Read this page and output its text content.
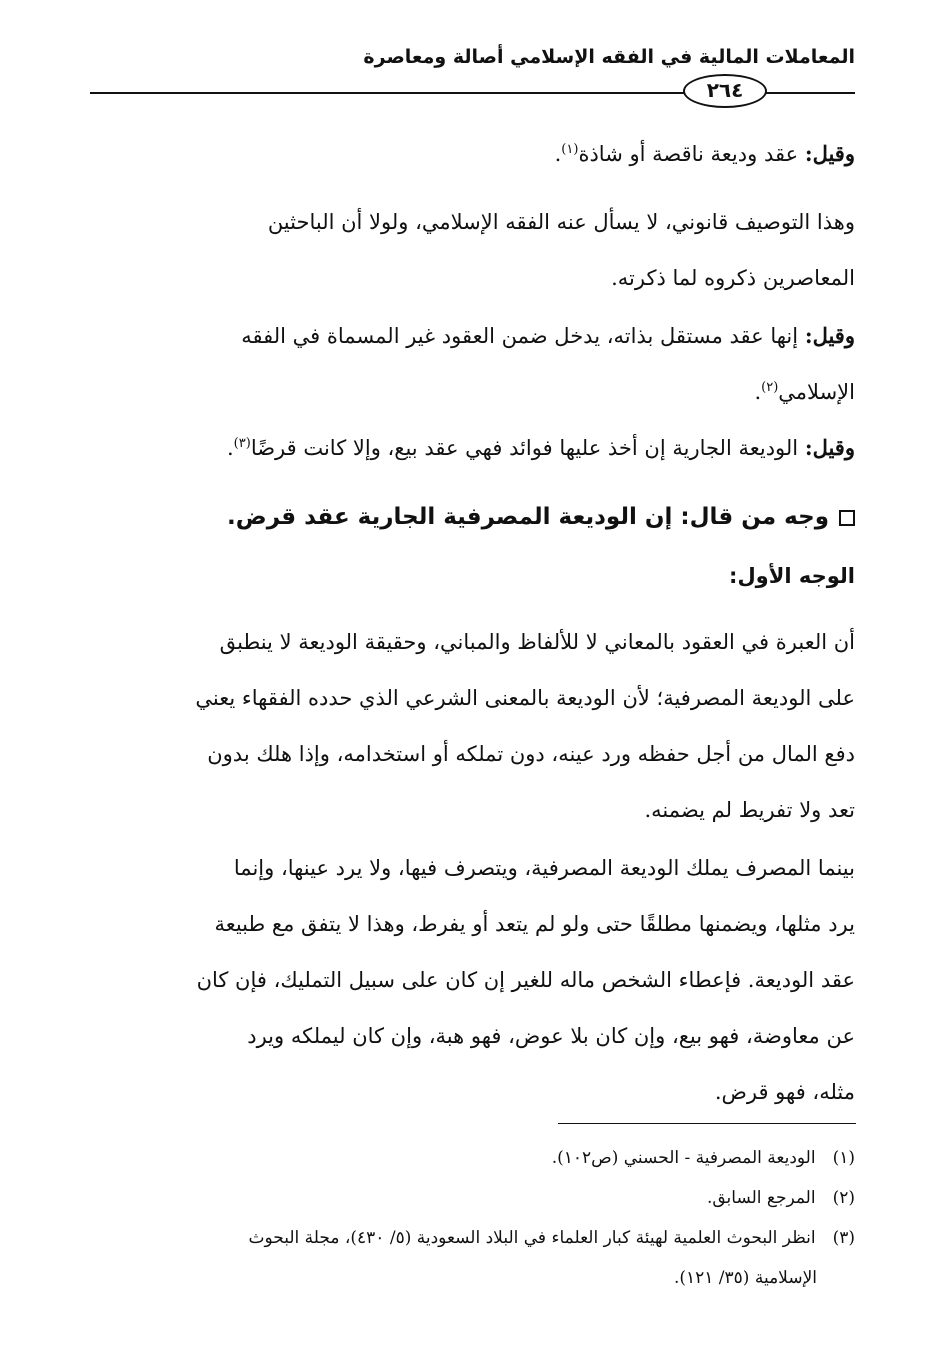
المعاملات المالية في الفقه الإسلامي أصالة ومعاصرة
٢٦٤
وقيل: عقد وديعة ناقصة أو شاذة$^{(١)}$.
وهذا التوصيف قانوني، لا يسأل عنه الفقه الإسلامي، ولولا أن الباحثين
المعاصرين ذكروه لما ذكرته.
وقيل: إنها عقد مستقل بذاته، يدخل ضمن العقود غير المسماة في الفقه
الإسلامي$^{(٢)}$.
وقيل: الوديعة الجارية إن أخذ عليها فوائد فهي عقد بيع، وإلا كانت قرضًا$^{(٣)}$.
وجه من قال: إن الوديعة المصرفية الجارية عقد قرض.
الوجه الأول:
أن العبرة في العقود بالمعاني لا للألفاظ والمباني، وحقيقة الوديعة لا ينطبق
على الوديعة المصرفية؛ لأن الوديعة بالمعنى الشرعي الذي حدده الفقهاء يعني
دفع المال من أجل حفظه ورد عينه، دون تملكه أو استخدامه، وإذا هلك بدون
تعد ولا تفريط لم يضمنه.
بينما المصرف يملك الوديعة المصرفية، ويتصرف فيها، ولا يرد عينها، وإنما
يرد مثلها، ويضمنها مطلقًا حتى ولو لم يتعد أو يفرط، وهذا لا يتفق مع طبيعة
عقد الوديعة. فإعطاء الشخص ماله للغير إن كان على سبيل التمليك، فإن كان
عن معاوضة، فهو بيع، وإن كان بلا عوض، فهو هبة، وإن كان ليملكه ويرد
مثله، فهو قرض.
(١) الوديعة المصرفية - الحسني (ص١٠٢).
(٢) المرجع السابق.
(٣) انظر البحوث العلمية لهيئة كبار العلماء في البلاد السعودية (٥/ ٤٣٠)، مجلة البحوث
الإسلامية (٣٥/ ١٢١).
